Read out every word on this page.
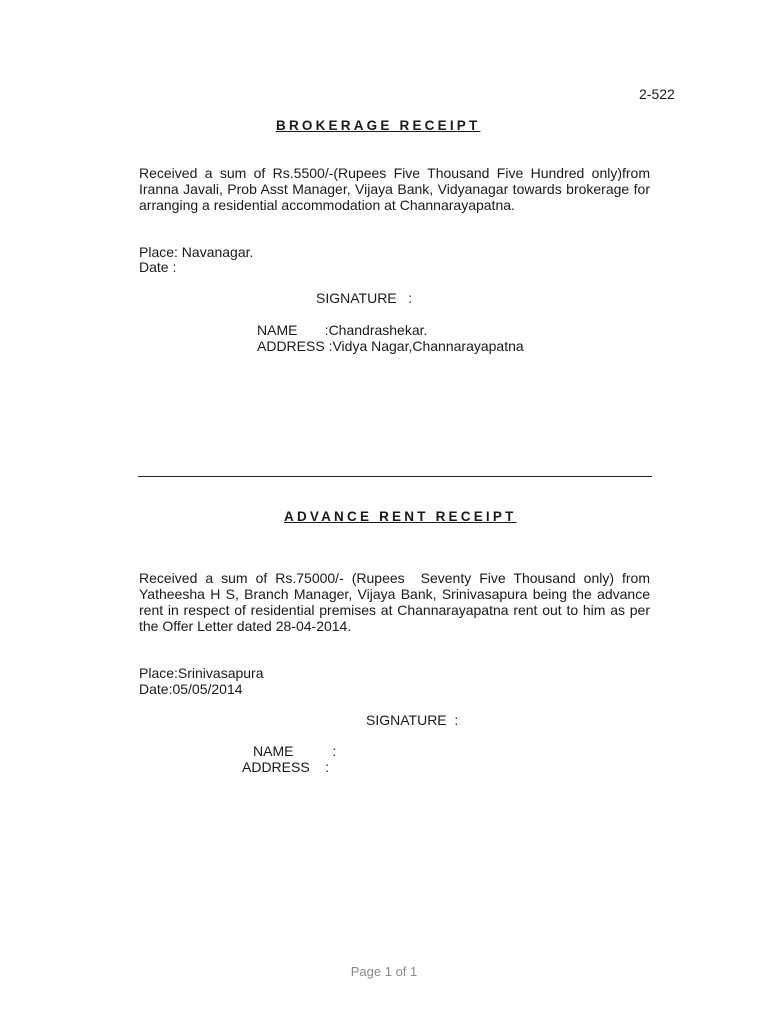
2-522
BROKERAGE RECEIPT
Received a sum of Rs.5500/-(Rupees Five Thousand Five Hundred only)from
Iranna Javali, Prob Asst Manager, Vijaya Bank, Vidyanagar towards brokerage for
arranging a residential accommodation at Channarayapatna.
Place: Navanagar.
Date :
SIGNATURE   :
NAME       :Chandrashekar.
ADDRESS :Vidya Nagar,Channarayapatna
ADVANCE RENT RECEIPT
Received a sum of Rs.75000/- (Rupees  Seventy Five Thousand only) from
Yatheesha H S, Branch Manager, Vijaya Bank, Srinivasapura being the advance
rent in respect of residential premises at Channarayapatna rent out to him as per
the Offer Letter dated 28-04-2014.
Place:Srinivasapura
Date:05/05/2014
SIGNATURE  :
NAME          :
ADDRESS    :
Page 1 of 1
